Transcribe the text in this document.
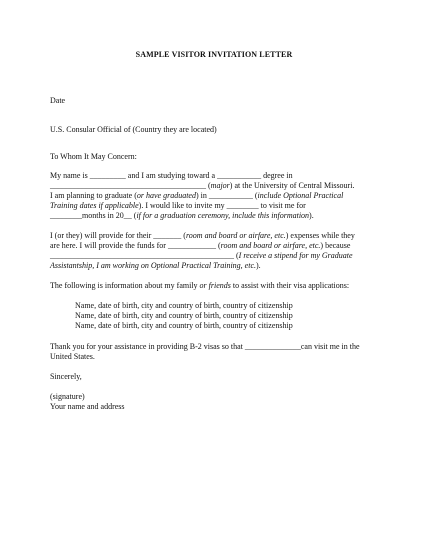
SAMPLE VISITOR INVITATION LETTER
Date
U.S. Consular Official of (Country they are located)
To Whom It May Concern:
My name is _________ and I am studying toward a ___________ degree in
_______________________________________ (major) at the University of Central Missouri.
I am planning to graduate (or have graduated) in ___________ (include Optional Practical
Training dates if applicable). I would like to invite my ________ to visit me for
________months in 20__ (if for a graduation ceremony, include this information).
I (or they) will provide for their _______ (room and board or airfare, etc.) expenses while they
are here. I will provide the funds for ____________ (room and board or airfare, etc.) because
______________________________________________ (I receive a stipend for my Graduate
Assistantship, I am working on Optional Practical Training, etc.).
The following is information about my family or friends to assist with their visa applications:
Name, date of birth, city and country of birth, country of citizenship
Name, date of birth, city and country of birth, country of citizenship
Name, date of birth, city and country of birth, country of citizenship
Thank you for your assistance in providing B-2 visas so that ______________can visit me in the
United States.
Sincerely,
(signature)
Your name and address
